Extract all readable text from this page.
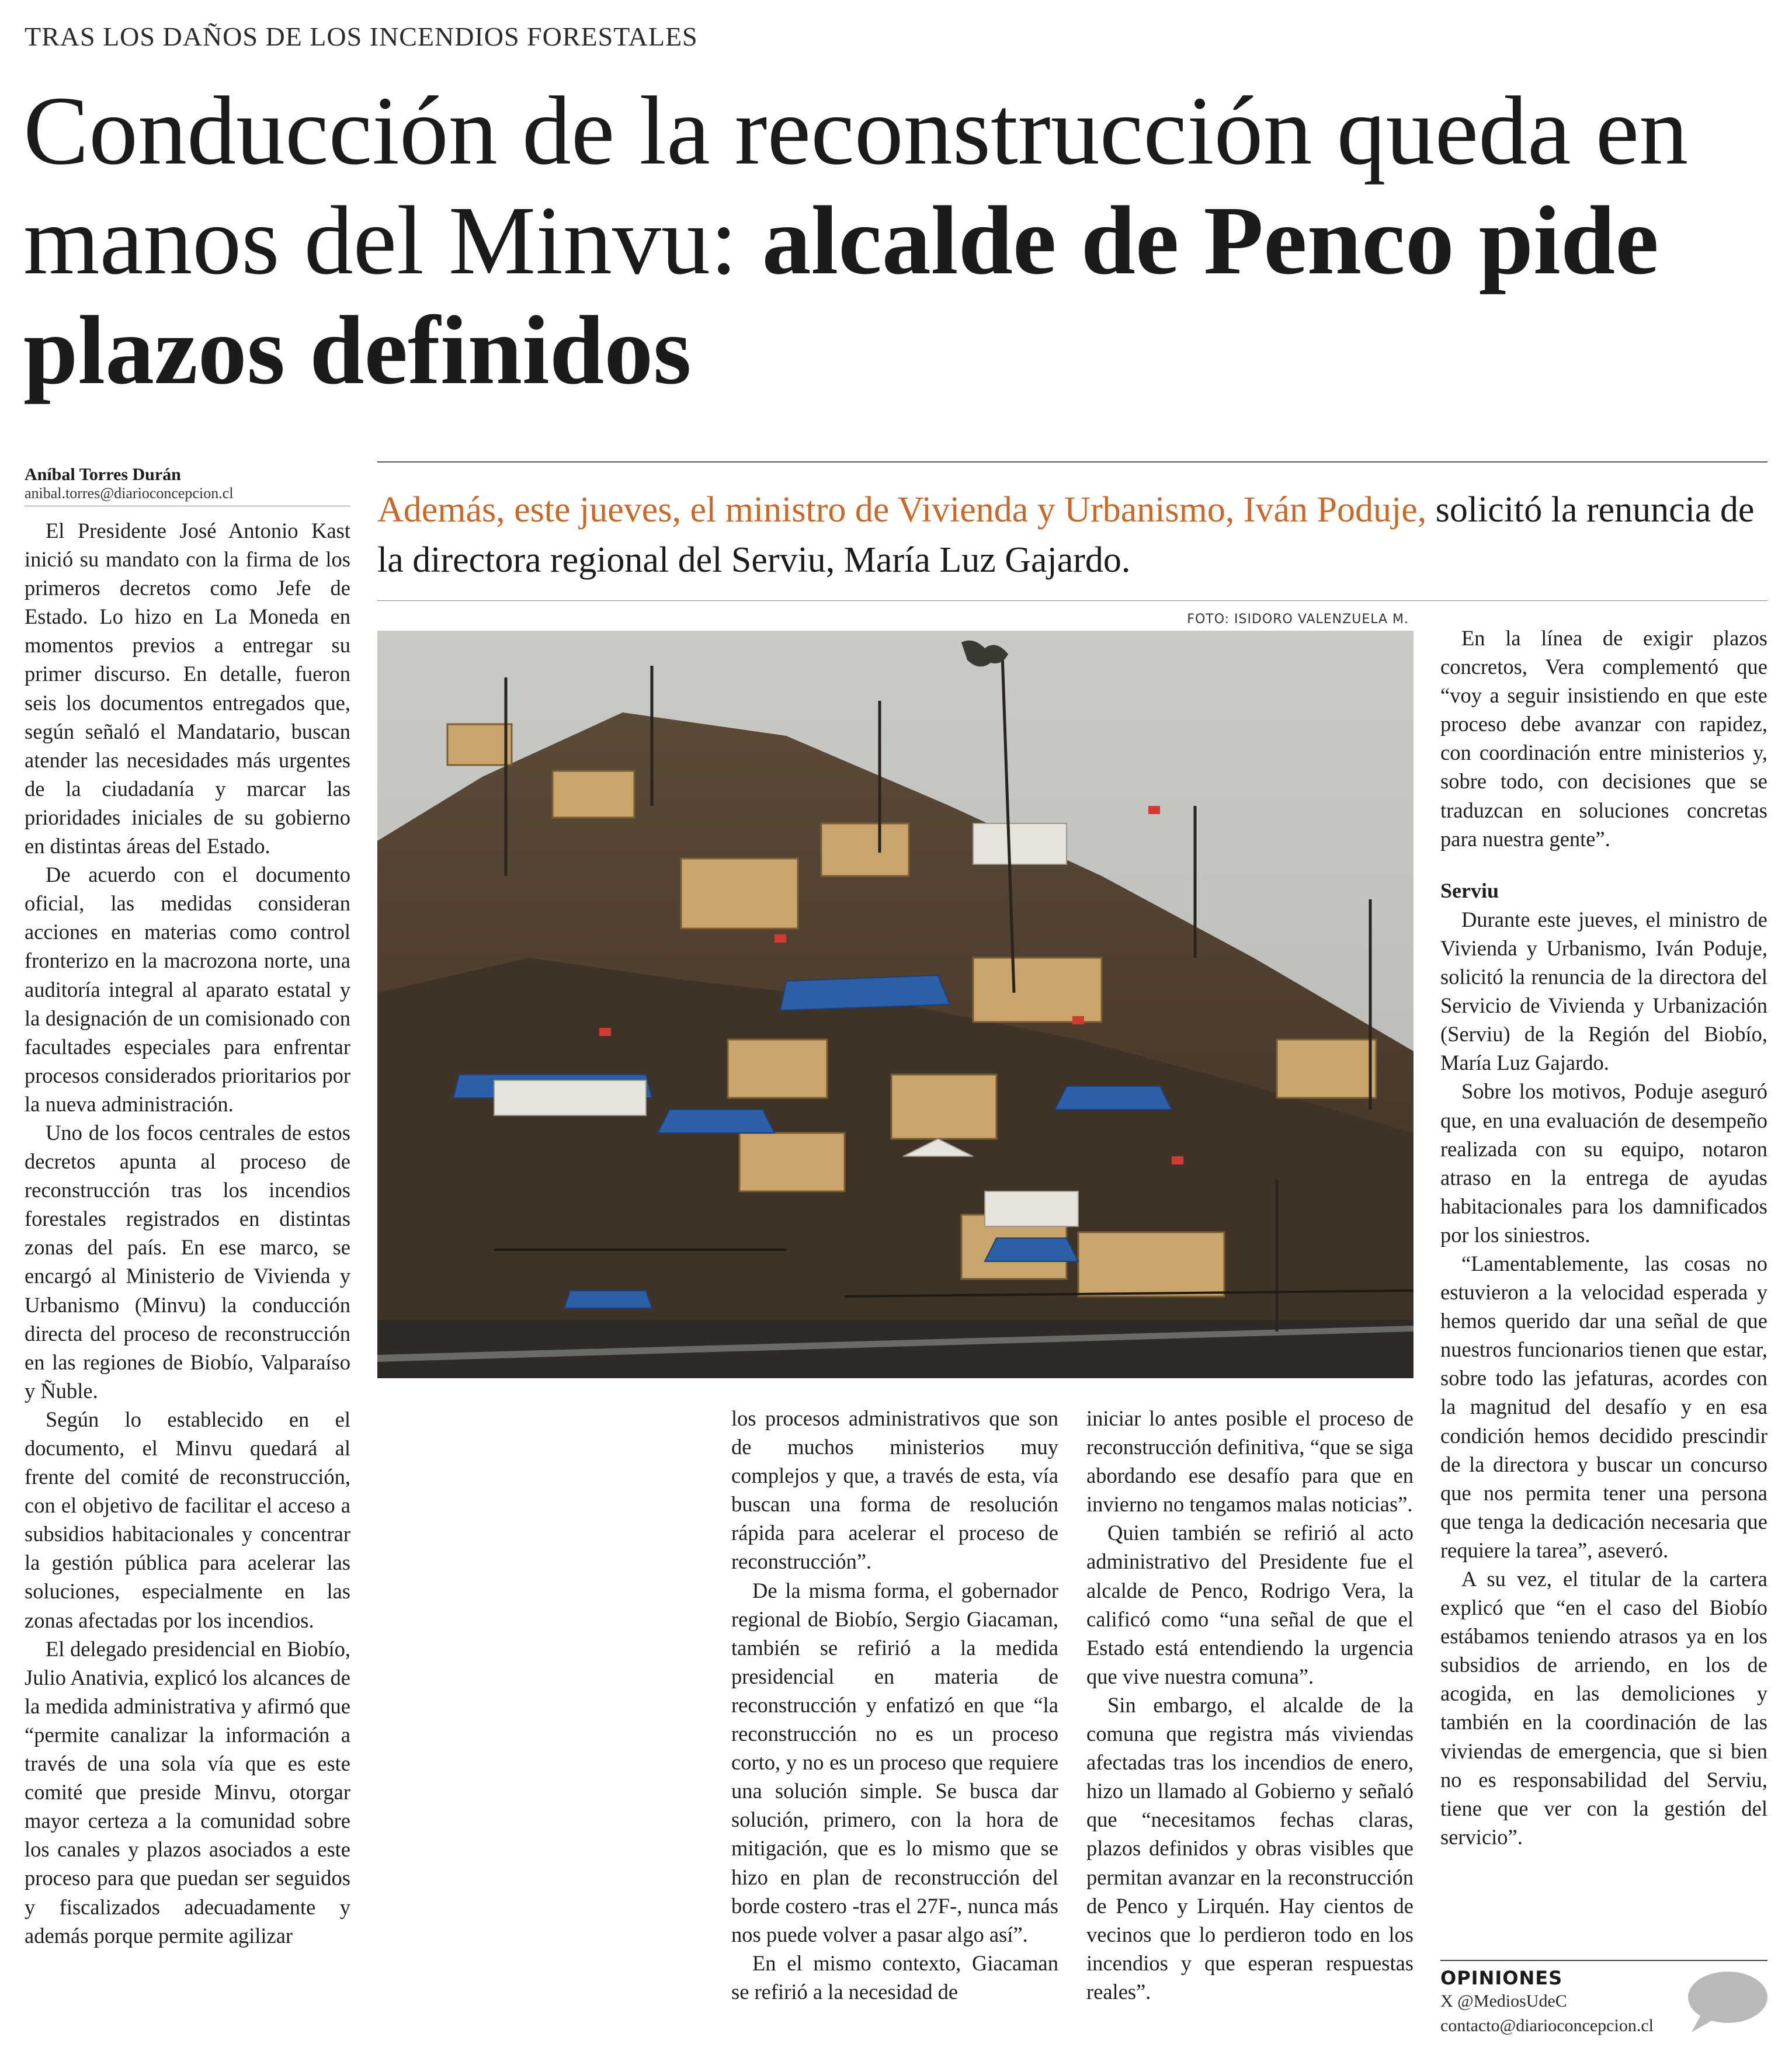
TRAS LOS DAÑOS DE LOS INCENDIOS FORESTALES
Conducción de la reconstrucción queda en manos del Minvu: alcalde de Penco pide plazos definidos
Aníbal Torres Durán
anibal.torres@diarioconcepcion.cl	Además, este jueves, el ministro de Vivienda y Urbanismo, Iván Poduje, solicitó la renuncia de la directora regional del Serviu, María Luz Gajardo.
FOTO: ISIDORO VALENZUELA M.

El Presidente José Antonio Kast inició su mandato con la firma de los primeros decretos como Jefe de Estado. Lo hizo en La Moneda en momentos previos a entregar su primer discurso. En detalle, fueron seis los documentos entregados que, según señaló el Mandatario, buscan atender las necesidades más urgentes de la ciudadanía y marcar las prioridades iniciales de su gobierno en distintas áreas del Estado.

De acuerdo con el documento oficial, las medidas consideran acciones en materias como control fronterizo en la macrozona norte, una auditoría integral al aparato estatal y la designación de un comisionado con facultades especiales para enfrentar procesos considerados prioritarios por la nueva administración.

Uno de los focos centrales de estos decretos apunta al proceso de reconstrucción tras los incendios forestales registrados en distintas zonas del país. En ese marco, se encargó al Ministerio de Vivienda y Urbanismo (Minvu) la conducción directa del proceso de reconstrucción en las regiones de Biobío, Valparaíso y Ñuble.

Según lo establecido en el documento, el Minvu quedará al frente del comité de reconstrucción, con el objetivo de facilitar el acceso a subsidios habitacionales y concentrar la gestión pública para acelerar las soluciones, especialmente en las zonas afectadas por los incendios.

El delegado presidencial en Biobío, Julio Anativia, explicó los alcances de la medida administrativa y afirmó que “permite canalizar la información a través de una sola vía que es este comité que preside Minvu, otorgar mayor certeza a la comunidad sobre los canales y plazos asociados a este proceso para que puedan ser seguidos y fiscalizados adecuadamente y además porque permite agilizar

los procesos administrativos que son de muchos ministerios muy complejos y que, a través de esta, vía buscan una forma de resolución rápida para acelerar el proceso de reconstrucción”.

De la misma forma, el gobernador regional de Biobío, Sergio Giacaman, también se refirió a la medida presidencial en materia de reconstrucción y enfatizó en que “la reconstrucción no es un proceso corto, y no es un proceso que requiere una solución simple. Se busca dar solución, primero, con la hora de mitigación, que es lo mismo que se hizo en plan de reconstrucción del borde costero -tras el 27F-, nunca más nos puede volver a pasar algo así”.

En el mismo contexto, Giacaman se refirió a la necesidad de

iniciar lo antes posible el proceso de reconstrucción definitiva, “que se siga abordando ese desafío para que en invierno no tengamos malas noticias”.

Quien también se refirió al acto administrativo del Presidente fue el alcalde de Penco, Rodrigo Vera, la calificó como “una señal de que el Estado está entendiendo la urgencia que vive nuestra comuna”.

Sin embargo, el alcalde de la comuna que registra más viviendas afectadas tras los incendios de enero, hizo un llamado al Gobierno y señaló que “necesitamos fechas claras, plazos definidos y obras visibles que permitan avanzar en la reconstrucción de Penco y Lirquén. Hay cientos de vecinos que lo perdieron todo en los incendios y que esperan respuestas reales”.

En la línea de exigir plazos concretos, Vera complementó que “voy a seguir insistiendo en que este proceso debe avanzar con rapidez, con coordinación entre ministerios y, sobre todo, con decisiones que se traduzcan en soluciones concretas para nuestra gente”.

Serviu

Durante este jueves, el ministro de Vivienda y Urbanismo, Iván Poduje, solicitó la renuncia de la directora del Servicio de Vivienda y Urbanización (Serviu) de la Región del Biobío, María Luz Gajardo.

Sobre los motivos, Poduje aseguró que, en una evaluación de desempeño realizada con su equipo, notaron atraso en la entrega de ayudas habitacionales para los damnificados por los siniestros.

“Lamentablemente, las cosas no estuvieron a la velocidad esperada y hemos querido dar una señal de que nuestros funcionarios tienen que estar, sobre todo las jefaturas, acordes con la magnitud del desafío y en esa condición hemos decidido prescindir de la directora y buscar un concurso que nos permita tener una persona que tenga la dedicación necesaria que requiere la tarea”, aseveró.

A su vez, el titular de la cartera explicó que “en el caso del Biobío estábamos teniendo atrasos ya en los subsidios de arriendo, en los de acogida, en las demoliciones y también en la coordinación de las viviendas de emergencia, que si bien no es responsabilidad del Serviu, tiene que ver con la gestión del servicio”.

OPINIONES
X @MediosUdeC
contacto@diarioconcepcion.cl
